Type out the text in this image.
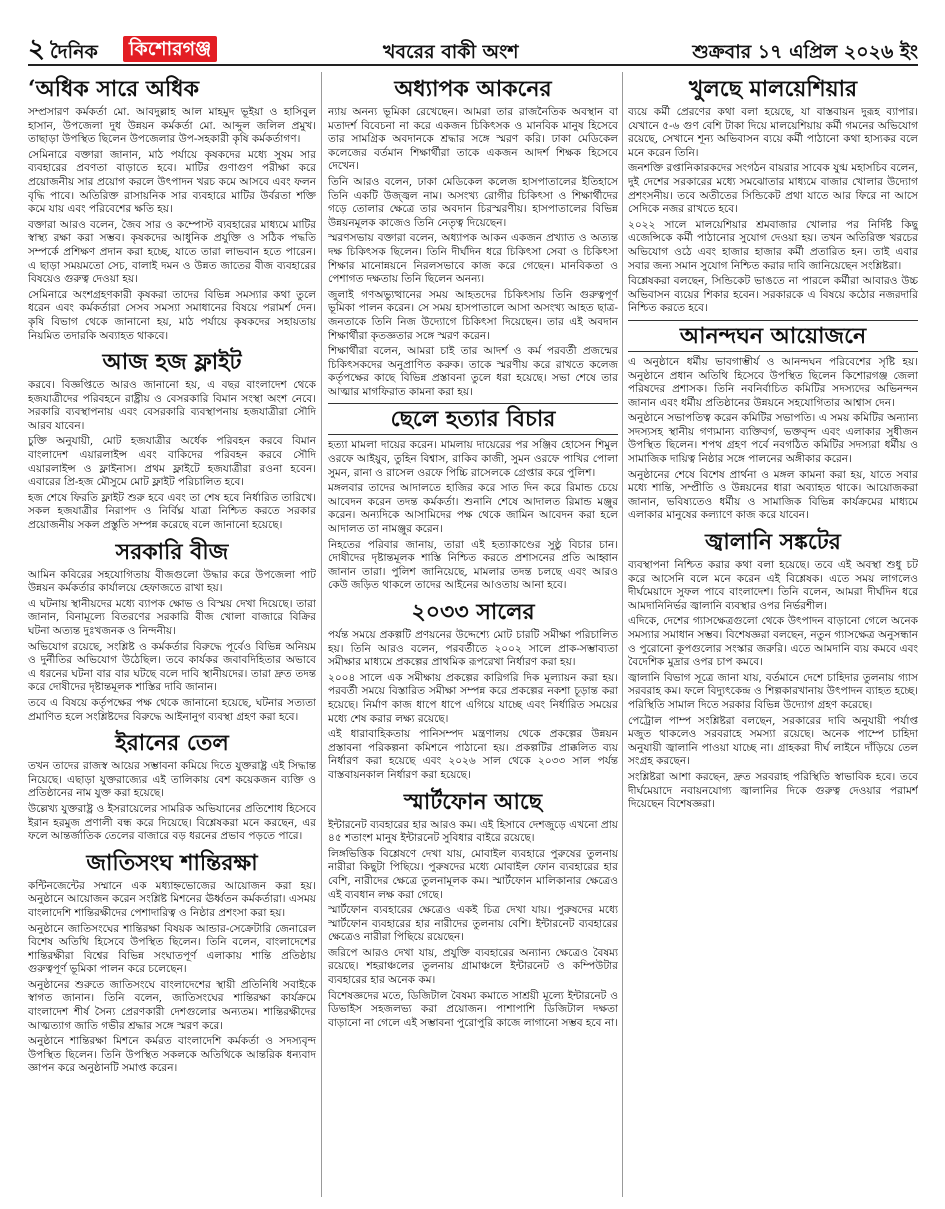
২ দৈনিক	কিশোরগঞ্জ	খবরের বাকী অংশ	শুক্রবার ১৭ এপ্রিল ২০২৬ ইং
‘অধিক সারে অধিক

সম্প্রসারণ কর্মকর্তা মো. আবদুল্লাহ আল মাহমুদ ভূইয়া ও হাসিবুল হাসান, উপজেলা দুধ উন্নয়ন কর্মকর্তা মো. আব্দুল জলিল প্রমুখ। তাছাড়া উপস্থিত ছিলেন উপজেলার উপ-সহকারী কৃষি কর্মকর্তাগণ।

সেমিনারে বক্তারা জানান, মাঠ পর্যায়ে কৃষকদের মধ্যে সুষম সার ব্যবহারের প্রবণতা বাড়াতে হবে। মাটির গুণাগুণ পরীক্ষা করে প্রয়োজনীয় সার প্রয়োগ করলে উৎপাদন খরচ কমে আসবে এবং ফলন বৃদ্ধি পাবে। অতিরিক্ত রাসায়নিক সার ব্যবহারে মাটির উর্বরতা শক্তি কমে যায় এবং পরিবেশের ক্ষতি হয়।

বক্তারা আরও বলেন, জৈব সার ও কম্পোস্ট ব্যবহারের মাধ্যমে মাটির স্বাস্থ্য রক্ষা করা সম্ভব। কৃষকদের আধুনিক প্রযুক্তি ও সঠিক পদ্ধতি সম্পর্কে প্রশিক্ষণ প্রদান করা হচ্ছে, যাতে তারা লাভবান হতে পারেন। এ ছাড়া সময়মতো সেচ, বালাই দমন ও উন্নত জাতের বীজ ব্যবহারের বিষয়েও গুরুত্ব দেওয়া হয়।

সেমিনারে অংশগ্রহণকারী কৃষকরা তাদের বিভিন্ন সমস্যার কথা তুলে ধরেন এবং কর্মকর্তারা সেসব সমস্যা সমাধানের বিষয়ে পরামর্শ দেন। কৃষি বিভাগ থেকে জানানো হয়, মাঠ পর্যায়ে কৃষকদের সহায়তায় নিয়মিত তদারকি অব্যাহত থাকবে।

আজ হজ ফ্লাইট

করবে। বিজ্ঞপ্তিতে আরও জানানো হয়, এ বছর বাংলাদেশ থেকে হজযাত্রীদের পরিবহনে রাষ্ট্রীয় ও বেসরকারি বিমান সংস্থা অংশ নেবে। সরকারি ব্যবস্থাপনায় এবং বেসরকারি ব্যবস্থাপনায় হজযাত্রীরা সৌদি আরব যাবেন।

চুক্তি অনুযায়ী, মোট হজযাত্রীর অর্ধেক পরিবহন করবে বিমান বাংলাদেশ এয়ারলাইন্স এবং বাকিদের পরিবহন করবে সৌদি এয়ারলাইন্স ও ফ্লাইনাস। প্রথম ফ্লাইটে হজযাত্রীরা রওনা হবেন। এবারের প্রি-হজ মৌসুমে মোট ফ্লাইট পরিচালিত হবে।

হজ শেষে ফিরতি ফ্লাইট শুরু হবে এবং তা শেষ হবে নির্ধারিত তারিখে। সকল হজযাত্রীর নিরাপদ ও নির্বিঘ্ন যাত্রা নিশ্চিত করতে সরকার প্রয়োজনীয় সকল প্রস্তুতি সম্পন্ন করেছে বলে জানানো হয়েছে।

সরকারি বীজ

আমিন কবিরের সহযোগিতায় বীজগুলো উদ্ধার করে উপজেলা পাট উন্নয়ন কর্মকর্তার কার্যালয়ে হেফাজতে রাখা হয়।

এ ঘটনায় স্থানীয়দের মধ্যে ব্যাপক ক্ষোভ ও বিস্ময় দেখা দিয়েছে। তারা জানান, বিনামূল্যে বিতরণের সরকারি বীজ খোলা বাজারে বিক্রির ঘটনা অত্যন্ত দুঃখজনক ও নিন্দনীয়।

অভিযোগ রয়েছে, সংশ্লিষ্ট ও কর্মকর্তার বিরুদ্ধে পূর্বেও বিভিন্ন অনিয়ম ও দুর্নীতির অভিযোগ উঠেছিল। তবে কার্যকর জবাবদিহিতার অভাবে এ ধরনের ঘটনা বার বার ঘটছে বলে দাবি স্থানীয়দের। তারা দ্রুত তদন্ত করে দোষীদের দৃষ্টান্তমূলক শাস্তির দাবি জানান।

তবে এ বিষয়ে কর্তৃপক্ষের পক্ষ থেকে জানানো হয়েছে, ঘটনার সত্যতা প্রমাণিত হলে সংশ্লিষ্টদের বিরুদ্ধে আইনানুগ ব্যবস্থা গ্রহণ করা হবে।

ইরানের তেল

তখন তাদের রাজস্ব আয়ের সম্ভাবনা কমিয়ে দিতে যুক্তরাষ্ট্র এই সিদ্ধান্ত নিয়েছে। এছাড়া যুক্তরাজ্যের এই তালিকায় বেশ কয়েকজন ব্যক্তি ও প্রতিষ্ঠানের নাম যুক্ত করা হয়েছে।

উল্লেখ্য যুক্তরাষ্ট্র ও ইসরায়েলের সামরিক অভিযানের প্রতিশোধ হিসেবে ইরান হরমুজ প্রণালী বন্ধ করে দিয়েছে। বিশ্লেষকরা মনে করছেন, এর ফলে আন্তর্জাতিক তেলের বাজারে বড় ধরনের প্রভাব পড়তে পারে।

জাতিসংঘ শান্তিরক্ষা

কন্টিনজেন্টের সম্মানে এক মধ্যাহ্নভোজের আয়োজন করা হয়। অনুষ্ঠানে আয়োজন করেন সংশ্লিষ্ট মিশনের ঊর্ধ্বতন কর্মকর্তারা। এসময় বাংলাদেশি শান্তিরক্ষীদের পেশাদারিত্ব ও নিষ্ঠার প্রশংসা করা হয়।

অনুষ্ঠানে জাতিসংঘের শান্তিরক্ষা বিষয়ক আন্ডার-সেক্রেটারি জেনারেল বিশেষ অতিথি হিসেবে উপস্থিত ছিলেন। তিনি বলেন, বাংলাদেশের শান্তিরক্ষীরা বিশ্বের বিভিন্ন সংঘাতপূর্ণ এলাকায় শান্তি প্রতিষ্ঠায় গুরুত্বপূর্ণ ভূমিকা পালন করে চলেছেন।

অনুষ্ঠানের শুরুতে জাতিসংঘে বাংলাদেশের স্থায়ী প্রতিনিধি সবাইকে স্বাগত জানান। তিনি বলেন, জাতিসংঘের শান্তিরক্ষা কার্যক্রমে বাংলাদেশ শীর্ষ সৈন্য প্রেরণকারী দেশগুলোর অন্যতম। শান্তিরক্ষীদের আত্মত্যাগ জাতি গভীর শ্রদ্ধার সঙ্গে স্মরণ করে।

অনুষ্ঠানে শান্তিরক্ষা মিশনে কর্মরত বাংলাদেশি কর্মকর্তা ও সদস্যবৃন্দ উপস্থিত ছিলেন। তিনি উপস্থিত সকলকে অতিথিকে আন্তরিক ধন্যবাদ জ্ঞাপন করে অনুষ্ঠানটি সমাপ্ত করেন।

অধ্যাপক আকনের

ন্যায় অনন্য ভূমিকা রেখেছেন। আমরা তার রাজনৈতিক অবস্থান বা মতাদর্শ বিবেচনা না করে একজন চিকিৎসক ও মানবিক মানুষ হিসেবে তার সামগ্রিক অবদানকে শ্রদ্ধার সঙ্গে স্মরণ করি। ঢাকা মেডিকেল কলেজের বর্তমান শিক্ষার্থীরা তাকে একজন আদর্শ শিক্ষক হিসেবে দেখেন।

তিনি আরও বলেন, ঢাকা মেডিকেল কলেজ হাসপাতালের ইতিহাসে তিনি একটি উজ্জ্বল নাম। অসংখ্য রোগীর চিকিৎসা ও শিক্ষার্থীদের গড়ে তোলার ক্ষেত্রে তার অবদান চিরস্মরণীয়। হাসপাতালের বিভিন্ন উন্নয়নমূলক কাজেও তিনি নেতৃত্ব দিয়েছেন।

স্মরণসভায় বক্তারা বলেন, অধ্যাপক আকন একজন প্রখ্যাত ও অত্যন্ত দক্ষ চিকিৎসক ছিলেন। তিনি দীর্ঘদিন ধরে চিকিৎসা সেবা ও চিকিৎসা শিক্ষার মানোন্নয়নে নিরলসভাবে কাজ করে গেছেন। মানবিকতা ও পেশাগত দক্ষতায় তিনি ছিলেন অনন্য।

জুলাই গণঅভ্যুত্থানের সময় আহতদের চিকিৎসায় তিনি গুরুত্বপূর্ণ ভূমিকা পালন করেন। সে সময় হাসপাতালে আসা অসংখ্য আহত ছাত্র-জনতাকে তিনি নিজ উদ্যোগে চিকিৎসা দিয়েছেন। তার এই অবদান শিক্ষার্থীরা কৃতজ্ঞতার সঙ্গে স্মরণ করেন।

শিক্ষার্থীরা বলেন, আমরা চাই তার আদর্শ ও কর্ম পরবর্তী প্রজন্মের চিকিৎসকদের অনুপ্রাণিত করুক। তাকে স্মরণীয় করে রাখতে কলেজ কর্তৃপক্ষের কাছে বিভিন্ন প্রস্তাবনা তুলে ধরা হয়েছে। সভা শেষে তার আত্মার মাগফিরাত কামনা করা হয়।

ছেলে হত্যার বিচার

হত্যা মামলা দায়ের করেন। মামলায় দায়েরের পর সঞ্জিব হোসেন শিমুল ওরফে আইয়ুব, তুহিন বিশ্বাস, রাকিব কাজী, সুমন ওরফে পাখির পোলা সুমন, রানা ও রাসেল ওরফে পিচ্চি রাসেলকে গ্রেপ্তার করে পুলিশ।

মঙ্গলবার তাদের আদালতে হাজির করে সাত দিন করে রিমান্ড চেয়ে আবেদন করেন তদন্ত কর্মকর্তা। শুনানি শেষে আদালত রিমান্ড মঞ্জুর করেন। অন্যদিকে আসামিদের পক্ষ থেকে জামিন আবেদন করা হলে আদালত তা নামঞ্জুর করেন।

নিহতের পরিবার জানায়, তারা এই হত্যাকাণ্ডের সুষ্ঠু বিচার চান। দোষীদের দৃষ্টান্তমূলক শাস্তি নিশ্চিত করতে প্রশাসনের প্রতি আহ্বান জানান তারা। পুলিশ জানিয়েছে, মামলার তদন্ত চলছে এবং আরও কেউ জড়িত থাকলে তাদের আইনের আওতায় আনা হবে।

২০৩৩ সালের

পর্যন্ত সময়ে প্রকল্পটি প্রণয়নের উদ্দেশ্যে মোট চারটি সমীক্ষা পরিচালিত হয়। তিনি আরও বলেন, পরবর্তীতে ২০০২ সালে প্রাক-সম্ভাব্যতা সমীক্ষার মাধ্যমে প্রকল্পের প্রাথমিক রূপরেখা নির্ধারণ করা হয়।

২০০৪ সালে এক সমীক্ষায় প্রকল্পের কারিগরি দিক মূল্যায়ন করা হয়। পরবর্তী সময়ে বিস্তারিত সমীক্ষা সম্পন্ন করে প্রকল্পের নকশা চূড়ান্ত করা হয়েছে। নির্মাণ কাজ ধাপে ধাপে এগিয়ে যাচ্ছে এবং নির্ধারিত সময়ের মধ্যে শেষ করার লক্ষ্য রয়েছে।

এই ধারাবাহিকতায় পানিসম্পদ মন্ত্রণালয় থেকে প্রকল্পের উন্নয়ন প্রস্তাবনা পরিকল্পনা কমিশনে পাঠানো হয়। প্রকল্পটির প্রাক্কলিত ব্যয় নির্ধারণ করা হয়েছে এবং ২০২৬ সাল থেকে ২০৩৩ সাল পর্যন্ত বাস্তবায়নকাল নির্ধারণ করা হয়েছে।

স্মার্টফোন আছে

ইন্টারনেট ব্যবহারের হার আরও কম। এই হিসাবে দেশজুড়ে এখনো প্রায় ৪৫ শতাংশ মানুষ ইন্টারনেট সুবিধার বাইরে রয়েছে।

লিঙ্গভিত্তিক বিশ্লেষণে দেখা যায়, মোবাইল ব্যবহারে পুরুষের তুলনায় নারীরা কিছুটা পিছিয়ে। পুরুষদের মধ্যে মোবাইল ফোন ব্যবহারের হার বেশি, নারীদের ক্ষেত্রে তুলনামূলক কম। স্মার্টফোন মালিকানার ক্ষেত্রেও এই ব্যবধান লক্ষ করা গেছে।

স্মার্টফোন ব্যবহারের ক্ষেত্রেও একই চিত্র দেখা যায়। পুরুষদের মধ্যে স্মার্টফোন ব্যবহারের হার নারীদের তুলনায় বেশি। ইন্টারনেট ব্যবহারের ক্ষেত্রেও নারীরা পিছিয়ে রয়েছেন।

জরিপে আরও দেখা যায়, প্রযুক্তি ব্যবহারের অন্যান্য ক্ষেত্রেও বৈষম্য রয়েছে। শহরাঞ্চলের তুলনায় গ্রামাঞ্চলে ইন্টারনেট ও কম্পিউটার ব্যবহারের হার অনেক কম।

বিশেষজ্ঞদের মতে, ডিজিটাল বৈষম্য কমাতে সাশ্রয়ী মূল্যে ইন্টারনেট ও ডিভাইস সহজলভ্য করা প্রয়োজন। পাশাপাশি ডিজিটাল দক্ষতা বাড়ানো না গেলে এই সম্ভাবনা পুরোপুরি কাজে লাগানো সম্ভব হবে না।

খুলছে মালয়েশিয়ার

ব্যয়ে কর্মী প্রেরণের কথা বলা হয়েছে, যা বাস্তবায়ন দুরূহ ব্যাপার। যেখানে ৫-৬ গুণ বেশি টাকা দিয়ে মালয়েশিয়ায় কর্মী গমনের অভিযোগ রয়েছে, সেখানে শূন্য অভিবাসন ব্যয়ে কর্মী পাঠানো কথা হাস্যকর বলে মনে করেন তিনি।

জনশক্তি রপ্তানিকারকদের সংগঠন বায়রার সাবেক যুগ্ম মহাসচিব বলেন, দুই দেশের সরকারের মধ্যে সমঝোতার মাধ্যমে বাজার খোলার উদ্যোগ প্রশংসনীয়। তবে অতীতের সিন্ডিকেট প্রথা যাতে আর ফিরে না আসে সেদিকে নজর রাখতে হবে।

২০২২ সালে মালয়েশিয়ার শ্রমবাজার খোলার পর নির্দিষ্ট কিছু এজেন্সিকে কর্মী পাঠানোর সুযোগ দেওয়া হয়। তখন অতিরিক্ত খরচের অভিযোগ ওঠে এবং হাজার হাজার কর্মী প্রতারিত হন। তাই এবার সবার জন্য সমান সুযোগ নিশ্চিত করার দাবি জানিয়েছেন সংশ্লিষ্টরা।

বিশ্লেষকরা বলছেন, সিন্ডিকেট ভাঙতে না পারলে কর্মীরা আবারও উচ্চ অভিবাসন ব্যয়ের শিকার হবেন। সরকারকে এ বিষয়ে কঠোর নজরদারি নিশ্চিত করতে হবে।

আনন্দঘন আয়োজনে

এ অনুষ্ঠানে ধর্মীয় ভাবগাম্ভীর্য ও আনন্দঘন পরিবেশের সৃষ্টি হয়। অনুষ্ঠানে প্রধান অতিথি হিসেবে উপস্থিত ছিলেন কিশোরগঞ্জ জেলা পরিষদের প্রশাসক। তিনি নবনির্বাচিত কমিটির সদস্যদের অভিনন্দন জানান এবং ধর্মীয় প্রতিষ্ঠানের উন্নয়নে সহযোগিতার আশ্বাস দেন।

অনুষ্ঠানে সভাপতিত্ব করেন কমিটির সভাপতি। এ সময় কমিটির অন্যান্য সদস্যসহ স্থানীয় গণ্যমান্য ব্যক্তিবর্গ, ভক্তবৃন্দ এবং এলাকার সুধীজন উপস্থিত ছিলেন। শপথ গ্রহণ পর্বে নবগঠিত কমিটির সদস্যরা ধর্মীয় ও সামাজিক দায়িত্ব নিষ্ঠার সঙ্গে পালনের অঙ্গীকার করেন।

অনুষ্ঠানের শেষে বিশেষ প্রার্থনা ও মঙ্গল কামনা করা হয়, যাতে সবার মধ্যে শান্তি, সম্প্রীতি ও উন্নয়নের ধারা অব্যাহত থাকে। আয়োজকরা জানান, ভবিষ্যতেও ধর্মীয় ও সামাজিক বিভিন্ন কার্যক্রমের মাধ্যমে এলাকার মানুষের কল্যাণে কাজ করে যাবেন।

জ্বালানি সঙ্কটের

ব্যবস্থাপনা নিশ্চিত করার কথা বলা হয়েছে। তবে এই অবস্থা শুধু চট করে আসেনি বলে মনে করেন এই বিশ্লেষক। এতে সময় লাগলেও দীর্ঘমেয়াদে সুফল পাবে বাংলাদেশ। তিনি বলেন, আমরা দীর্ঘদিন ধরে আমদানিনির্ভর জ্বালানি ব্যবস্থার ওপর নির্ভরশীল।

এদিকে, দেশের গ্যাসক্ষেত্রগুলো থেকে উৎপাদন বাড়ানো গেলে অনেক সমস্যার সমাধান সম্ভব। বিশেষজ্ঞরা বলছেন, নতুন গ্যাসক্ষেত্র অনুসন্ধান ও পুরোনো কূপগুলোর সংস্কার জরুরি। এতে আমদানি ব্যয় কমবে এবং বৈদেশিক মুদ্রার ওপর চাপ কমবে।

জ্বালানি বিভাগ সূত্রে জানা যায়, বর্তমানে দেশে চাহিদার তুলনায় গ্যাস সরবরাহ কম। ফলে বিদ্যুৎকেন্দ্র ও শিল্পকারখানায় উৎপাদন ব্যাহত হচ্ছে। পরিস্থিতি সামাল দিতে সরকার বিভিন্ন উদ্যোগ গ্রহণ করেছে।

পেট্রোল পাম্প সংশ্লিষ্টরা বলছেন, সরকারের দাবি অনুযায়ী পর্যাপ্ত মজুত থাকলেও সরবরাহে সমস্যা রয়েছে। অনেক পাম্পে চাহিদা অনুযায়ী জ্বালানি পাওয়া যাচ্ছে না। গ্রাহকরা দীর্ঘ লাইনে দাঁড়িয়ে তেল সংগ্রহ করছেন।

সংশ্লিষ্টরা আশা করছেন, দ্রুত সরবরাহ পরিস্থিতি স্বাভাবিক হবে। তবে দীর্ঘমেয়াদে নবায়নযোগ্য জ্বালানির দিকে গুরুত্ব দেওয়ার পরামর্শ দিয়েছেন বিশেষজ্ঞরা।
